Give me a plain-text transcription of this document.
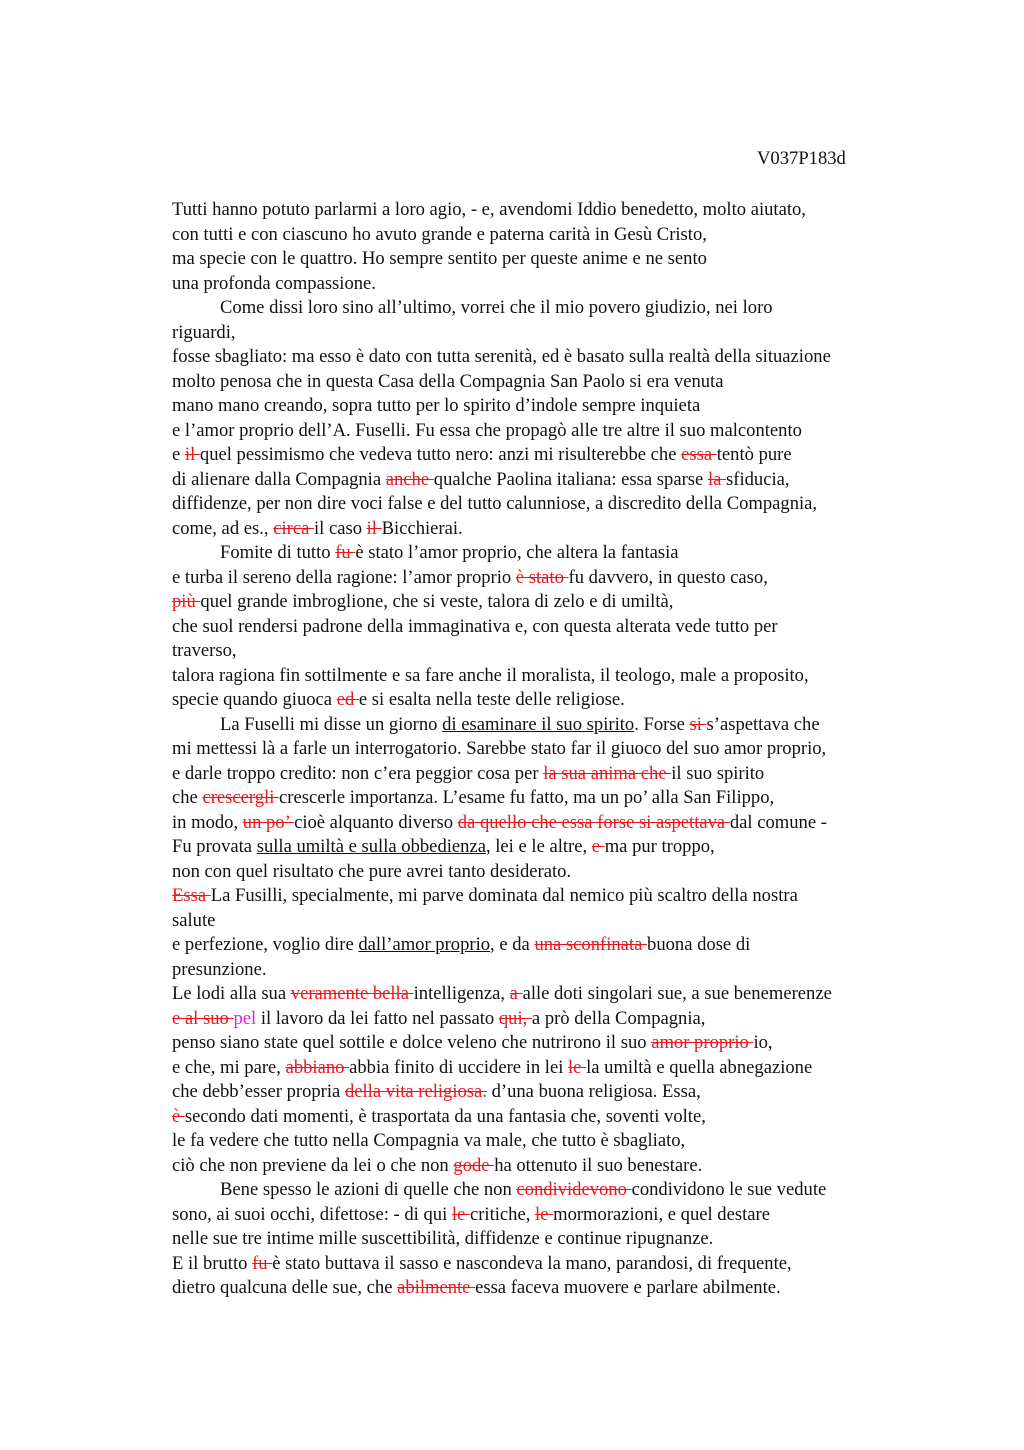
V037P183d
Tutti hanno potuto parlarmi a loro agio, - e, avendomi Iddio benedetto, molto aiutato,
con tutti e con ciascuno ho avuto grande e paterna carità in Gesù Cristo,
ma specie con le quattro. Ho sempre sentito per queste anime e ne sento
una profonda compassione.
Come dissi loro sino all’ultimo, vorrei che il mio povero giudizio, nei loro
riguardi,
fosse sbagliato: ma esso è dato con tutta serenità, ed è basato sulla realtà della situazione
molto penosa che in questa Casa della Compagnia San Paolo si era venuta
mano mano creando, sopra tutto per lo spirito d’indole sempre inquieta
e l’amor proprio dell’A. Fuselli. Fu essa che propagò alle tre altre il suo malcontento
e il quel pessimismo che vedeva tutto nero: anzi mi risulterebbe che essa tentò pure
di alienare dalla Compagnia anche qualche Paolina italiana: essa sparse la sfiducia,
diffidenze, per non dire voci false e del tutto calunniose, a discredito della Compagnia,
come, ad es., circa il caso il Bicchierai.
Fomite di tutto fu è stato l’amor proprio, che altera la fantasia
e turba il sereno della ragione: l’amor proprio è stato fu davvero, in questo caso,
più quel grande imbroglione, che si veste, talora di zelo e di umiltà,
che suol rendersi padrone della immaginativa e, con questa alterata vede tutto per
traverso,
talora ragiona fin sottilmente e sa fare anche il moralista, il teologo, male a proposito,
specie quando giuoca ed e si esalta nella teste delle religiose.
La Fuselli mi disse un giorno di esaminare il suo spirito. Forse si s’aspettava che
mi mettessi là a farle un interrogatorio. Sarebbe stato far il giuoco del suo amor proprio,
e darle troppo credito: non c’era peggior cosa per la sua anima che il suo spirito
che crescergli crescerle importanza. L’esame fu fatto, ma un po’ alla San Filippo,
in modo, un po’ cioè alquanto diverso da quello che essa forse si aspettava dal comune -
Fu provata sulla umiltà e sulla obbedienza, lei e le altre, e ma pur troppo,
non con quel risultato che pure avrei tanto desiderato.
Essa La Fusilli, specialmente, mi parve dominata dal nemico più scaltro della nostra
salute
e perfezione, voglio dire dall’amor proprio, e da una sconfinata buona dose di
presunzione.
Le lodi alla sua veramente bella intelligenza, a alle doti singolari sue, a sue benemerenze
e al suo pel il lavoro da lei fatto nel passato qui, a prò della Compagnia,
penso siano state quel sottile e dolce veleno che nutrirono il suo amor proprio io,
e che, mi pare, abbiano abbia finito di uccidere in lei le la umiltà e quella abnegazione
che debb’esser propria della vita religiosa. d’una buona religiosa. Essa,
è secondo dati momenti, è trasportata da una fantasia che, soventi volte,
le fa vedere che tutto nella Compagnia va male, che tutto è sbagliato,
ciò che non previene da lei o che non gode ha ottenuto il suo benestare.
Bene spesso le azioni di quelle che non condividevono condividono le sue vedute
sono, ai suoi occhi, difettose: - di qui le critiche, le mormorazioni, e quel destare
nelle sue tre intime mille suscettibilità, diffidenze e continue ripugnanze.
E il brutto fu è stato buttava il sasso e nascondeva la mano, parandosi, di frequente,
dietro qualcuna delle sue, che abilmente essa faceva muovere e parlare abilmente.
